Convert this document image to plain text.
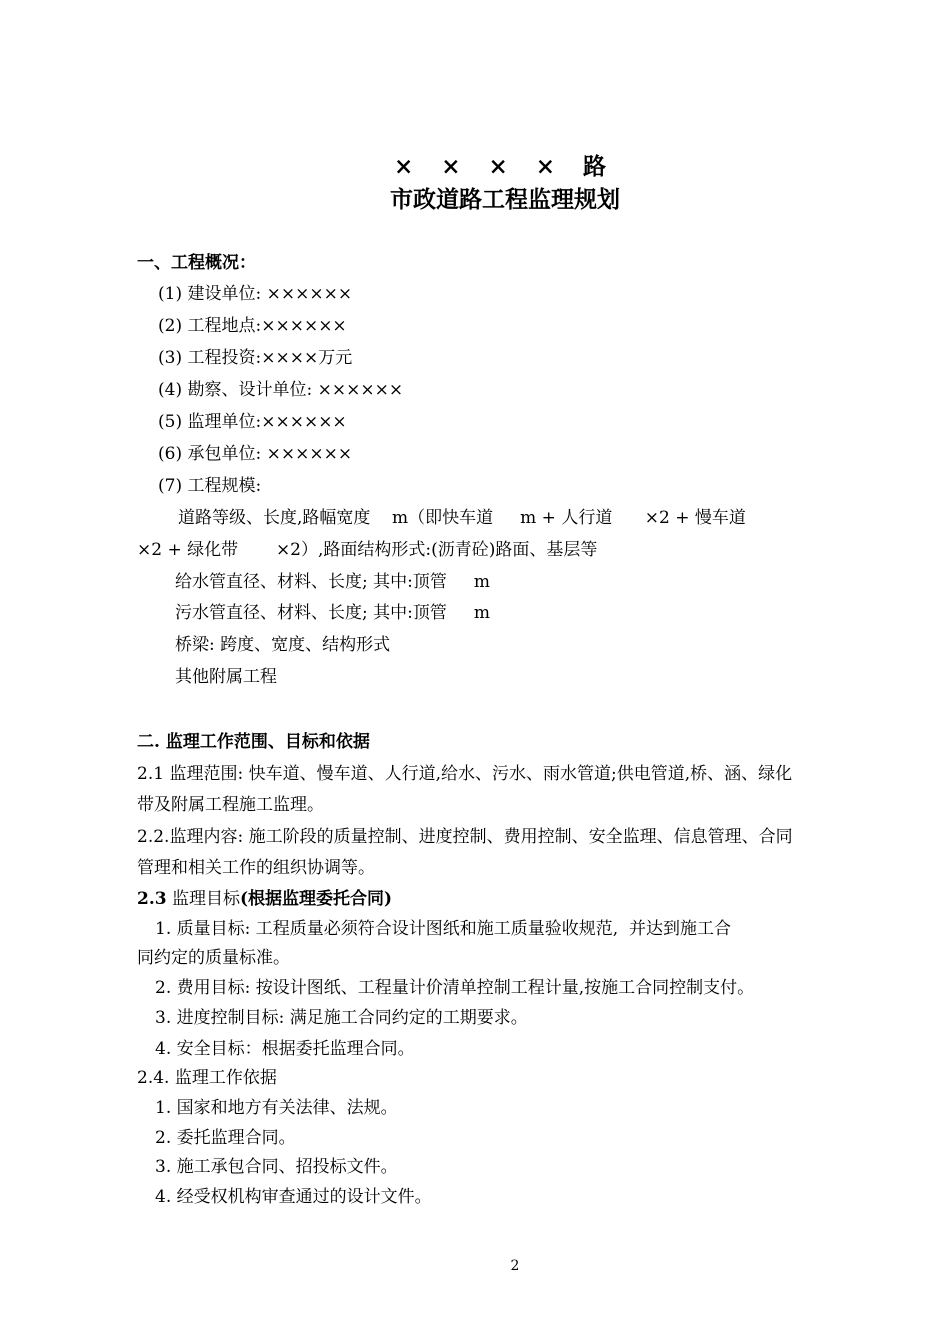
× × × × 路
市政道路工程监理规划
一、工程概况：
(1) 建设单位: ××××××
(2) 工程地点:××××××
(3) 工程投资:××××万元
(4) 勘察、设计单位: ××××××
(5) 监理单位:××××××
(6) 承包单位: ××××××
(7) 工程规模:
道路等级、长度,路幅宽度    m（即快车道     m + 人行道      ×2 + 慢车道
×2 + 绿化带       ×2）,路面结构形式:(沥青砼)路面、基层等
给水管直径、材料、长度; 其中:顶管     m
污水管直径、材料、长度; 其中:顶管     m
桥梁: 跨度、宽度、结构形式
其他附属工程
二. 监理工作范围、目标和依据
2.1 监理范围: 快车道、慢车道、人行道,给水、污水、雨水管道;供电管道,桥、涵、绿化
带及附属工程施工监理。
2.2.监理内容: 施工阶段的质量控制、进度控制、费用控制、安全监理、信息管理、合同
管理和相关工作的组织协调等。
2.3 监理目标(根据监理委托合同)
1. 质量目标: 工程质量必须符合设计图纸和施工质量验收规范,  并达到施工合
同约定的质量标准。
2. 费用目标: 按设计图纸、工程量计价清单控制工程计量,按施工合同控制支付。
3. 进度控制目标: 满足施工合同约定的工期要求。
4. 安全目标：根据委托监理合同。
2.4. 监理工作依据
1. 国家和地方有关法律、法规。
2. 委托监理合同。
3. 施工承包合同、招投标文件。
4. 经受权机构审查通过的设计文件。
2
